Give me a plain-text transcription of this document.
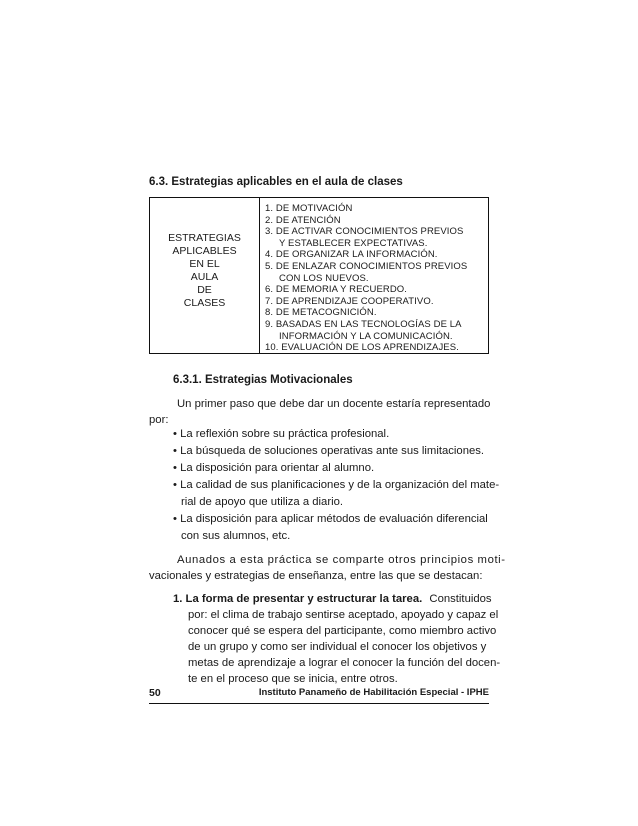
6.3. Estrategias aplicables en el aula de clases
ESTRATEGIAS
APLICABLES
EN EL
AULA
DE
CLASES
1. DE MOTIVACIÓN
2. DE ATENCIÓN
3. DE ACTIVAR CONOCIMIENTOS PREVIOS
Y ESTABLECER EXPECTATIVAS.
4. DE ORGANIZAR LA INFORMACIÓN.
5. DE ENLAZAR CONOCIMIENTOS PREVIOS
CON LOS NUEVOS.
6. DE MEMORIA Y RECUERDO.
7. DE APRENDIZAJE COOPERATIVO.
8. DE METACOGNICIÓN.
9. BASADAS EN LAS TECNOLOGÍAS DE LA
INFORMACIÓN Y LA COMUNICACIÓN.
10. EVALUACIÓN DE LOS APRENDIZAJES.
6.3.1. Estrategias Motivacionales
Un primer paso que debe dar un docente estaría representado
por:
• La reflexión sobre su práctica profesional.
• La búsqueda de soluciones operativas ante sus limitaciones.
• La disposición para orientar al alumno.
• La calidad de sus planificaciones y de la organización del mate-
rial de apoyo que utiliza a diario.
• La disposición para aplicar métodos de evaluación diferencial
con sus alumnos, etc.
Aunados a esta práctica se comparte otros principios moti-
vacionales y estrategias de enseñanza, entre las que se destacan:
1. La forma de presentar y estructurar la tarea. Constituidos
por: el clima de trabajo sentirse aceptado, apoyado y capaz el
conocer qué se espera del participante, como miembro activo
de un grupo y como ser individual el conocer los objetivos y
metas de aprendizaje a lograr el conocer la función del docen-
te en el proceso que se inicia, entre otros.
50	Instituto Panameño de Habilitación Especial - IPHE
